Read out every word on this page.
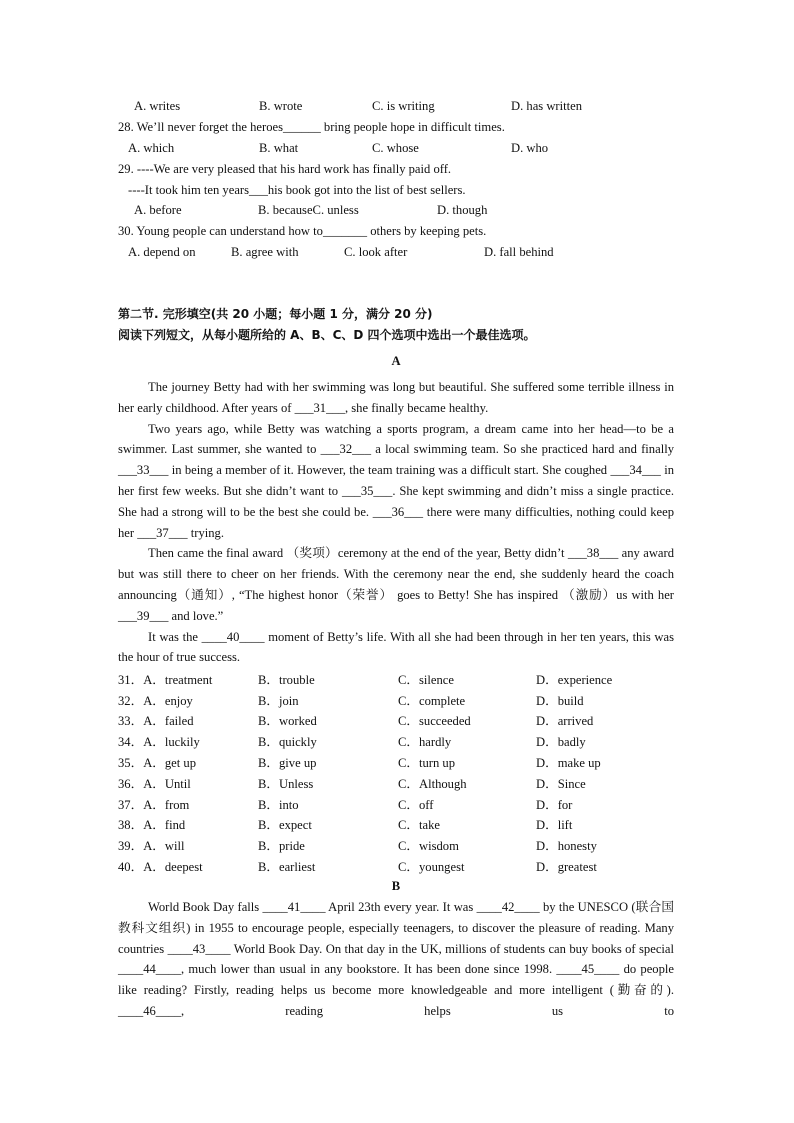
A. writes	B. wrote	C. is writing	D. has written
28. We’ll never forget the heroes______ bring people hope in difficult times.
A. which	B. what	C. whose	D. who
29. ----We are very pleased that his hard work has finally paid off.
----It took him ten years___his book got into the list of best sellers.
A. before	B. becauseC. unless	D. though
30. Young people can understand how to_______ others by keeping pets.
A. depend on	B. agree with	C. look after	D. fall behind
第二节. 完形填空(共 20 小题；每小题 1 分，满分 20 分)
阅读下列短文，从每小题所给的 A、B、C、D 四个选项中选出一个最佳选项。
A

The journey Betty had with her swimming was long but beautiful. She suffered some terrible illness in her early childhood. After years of ___31___, she finally became healthy.

Two years ago, while Betty was watching a sports program, a dream came into her head—to be a swimmer. Last summer, she wanted to ___32___ a local swimming team. So she practiced hard and finally ___33___ in being a member of it. However, the team training was a difficult start. She coughed ___34___ in her first few weeks. But she didn’t want to ___35___. She kept swimming and didn’t miss a single practice. She had a strong will to be the best she could be. ___36___ there were many difficulties, nothing could keep her ___37___ trying.

Then came the final award （奖项）ceremony at the end of the year, Betty didn’t ___38___ any award but was still there to cheer on her friends. With the ceremony near the end, she suddenly heard the coach announcing（通知）, “The highest honor（荣誉） goes to Betty! She has inspired （激励）us with her ___39___ and love.”

It was the ____40____ moment of Betty’s life. With all she had been through in her ten years, this was the hour of true success.

31．A．treatment	B．trouble	C．silence	D．experience
32．A．enjoy	B．join	C．complete	D．build
33．A．failed	B．worked	C．succeeded	D．arrived
34．A．luckily	B．quickly	C．hardly	D．badly
35．A．get up	B．give up	C．turn up	D．make up
36．A．Until	B．Unless	C．Although	D．Since
37．A．from	B．into	C．off	D．for
38．A．find	B．expect	C．take	D．lift
39．A．will	B．pride	C．wisdom	D．honesty
40．A．deepest	B．earliest	C．youngest	D．greatest
B

World Book Day falls ____41____ April 23th every year. It was ____42____ by the UNESCO (联合国教科文组织) in 1955 to encourage people, especially teenagers, to discover the pleasure of reading. Many countries ____43____ World Book Day. On that day in the UK, millions of students can buy books of special ____44____, much lower than usual in any bookstore. It has been done since 1998. ____45____ do people like reading? Firstly, reading helps us become more knowledgeable and more intelligent (勤奋的). ____46____, reading helps us to
